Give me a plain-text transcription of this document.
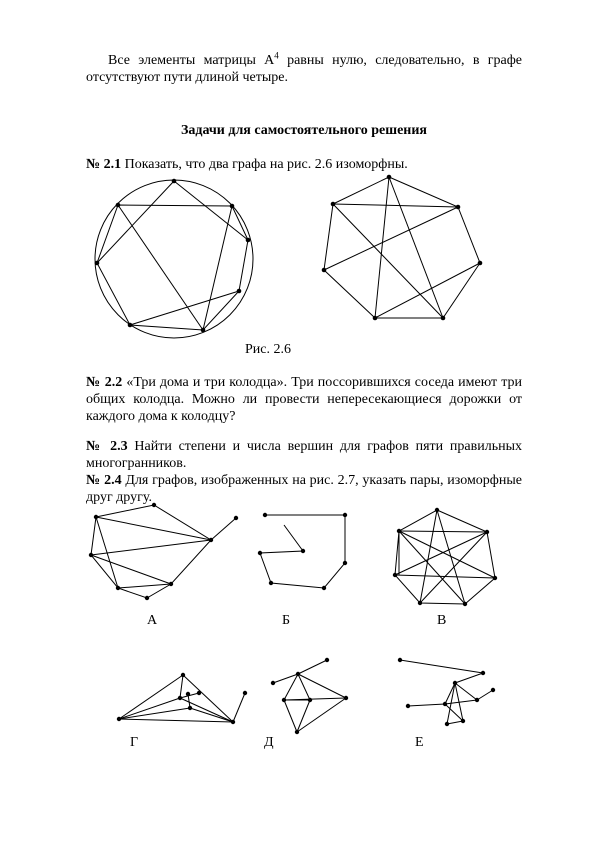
Все элементы матрицы $А^4$ равны нулю, следовательно, в графе
отсутствуют пути длиной четыре.
Задачи для самостоятельного решения
№ 2.1 Показать, что два графа на рис. 2.6 изоморфны.
Рис. 2.6
№ 2.2 «Три дома и три колодца». Три поссорившихся соседа имеют три
общих колодца. Можно ли провести непересекающиеся дорожки от
каждого дома к колодцу?
№ 2.3 Найти степени и числа вершин для графов пяти правильных
многогранников.
№ 2.4 Для графов, изображенных на рис. 2.7, указать пары, изоморфные
друг другу.
А	Б	В
Г	Д	Е
